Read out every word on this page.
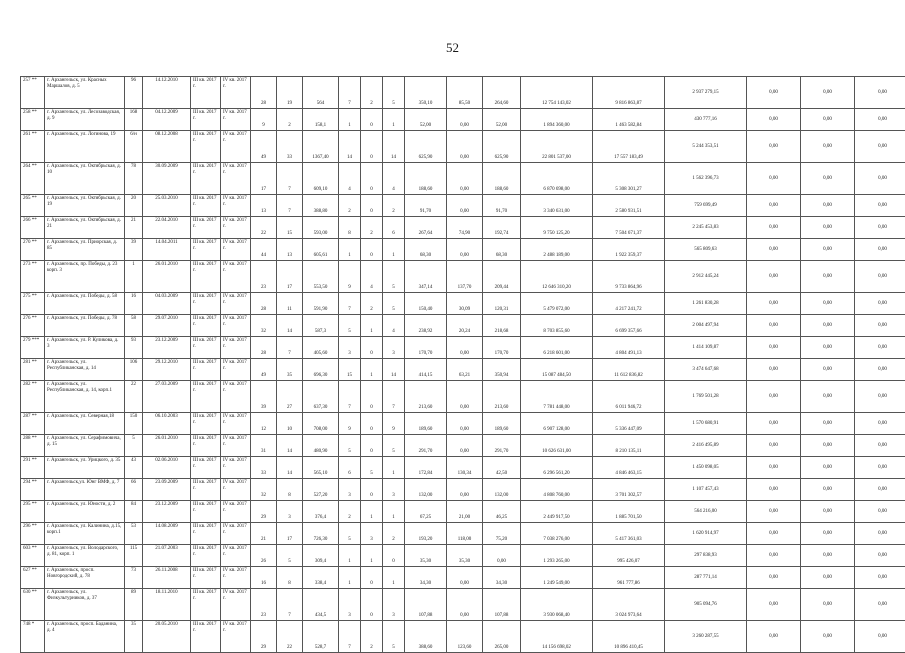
52
257 **	г. Архангельск, ул. Красных Маршалов, д. 5	96	14.12.2010	III кв. 2017 г.	IV кв. 2017 г.	28	19	564	7	2	5	350,10	85,50	264,60	12 754 143,02	9 816 863,87	2 937 279,15	0,00	0,00	0,00
258 **	г. Архангельск, ул. Лесозаводская, д. 9	168	04.12.2009	III кв. 2017 г.	IV кв. 2017 г.	9	2	158,1	1	0	1	52,00	0,00	52,00	1 894 360,00	1 463 582,84	430 777,16	0,00	0,00	0,00
261 **	г. Архангельск, ул. Логинова, 19	6/н	08.12.2008	III кв. 2017 г.	IV кв. 2017 г.	49	33	1367,40	14	0	14	625,90	0,00	625,90	22 801 537,00	17 557 183,49	5 244 353,51	0,00	0,00	0,00
264 **	г. Архангельск, ул. Октябрьская, д. 10	78	30.09.2009	III кв. 2017 г.	IV кв. 2017 г.	17	7	609,10	4	0	4	188,60	0,00	188,60	6 870 698,00	5 308 301,27	1 562 396,73	0,00	0,00	0,00
265 **	г. Архангельск, ул. Октябрьская, д. 19	20	25.03.2010	III кв. 2017 г.	IV кв. 2017 г.	13	7	388,80	2	0	2	91,70	0,00	91,70	3 340 631,00	2 580 931,51	759 699,49	0,00	0,00	0,00
266 **	г. Архангельск, ул. Октябрьская, д. 21	21	22.04.2010	III кв. 2017 г.	IV кв. 2017 г.	22	15	593,00	8	2	6	267,64	74,90	192,74	9 750 125,20	7 504 671,37	2 245 453,83	0,00	0,00	0,00
270 **	г. Архангельск, ул. Приорская, д. 85	39	14.04.2011	III кв. 2017 г.	IV кв. 2017 г.	44	13	605,61	1	0	1	68,30	0,00	68,30	2 488 189,00	1 922 359,37	565 809,63	0,00	0,00	0,00
273 **	г. Архангельск, пр. Победы, д. 23 корп. 3	1	26.01.2010	III кв. 2017 г.	IV кв. 2017 г.	23	17	553,50	9	4	5	347,14	137,70	209,44	12 646 310,20	9 733 864,96	2 912 445,24	0,00	0,00	0,00
275 **	г. Архангельск, ул. Победы, д. 58	16	04.03.2009	III кв. 2017 г.	IV кв. 2017 г.	28	11	591,90	7	2	5	150,40	30,09	120,31	5 479 072,00	4 217 241,72	1 261 830,28	0,00	0,00	0,00
276 **	г. Архангельск, ул. Победы, д. 78	58	29.07.2010	III кв. 2017 г.	IV кв. 2017 г.	32	14	587,3	5	1	4	238,92	20,24	218,68	8 703 855,60	6 699 357,66	2 004 497,94	0,00	0,00	0,00
279 ***	г. Архангельск, ул. Р. Куликова, д. 3	93	23.12.2009	III кв. 2017 г.	IV кв. 2017 г.	28	7	405,60	3	0	3	170,70	0,00	170,70	6 218 601,00	4 804 491,13	1 414 109,87	0,00	0,00	0,00
281 **	г. Архангельск, ул. Республиканская, д. 14	106	29.12.2010	III кв. 2017 г.	IV кв. 2017 г.	49	35	696,30	15	1	14	414,15	63,21	350,94	15 087 484,50	11 612 836,82	3 474 647,68	0,00	0,00	0,00
282 **	г. Архангельск, ул. Республиканская, д. 14, корп.1	22	27.03.2009	III кв. 2017 г.	IV кв. 2017 г.	39	27	637,30	7	0	7	213,60	0,00	213,60	7 781 448,00	6 011 946,72	1 769 501,28	0,00	0,00	0,00
287 **	г. Архангельск, ул. Северная,18	150	06.10.2003	III кв. 2017 г.	IV кв. 2017 г.	12	10	708,00	9	0	9	189,60	0,00	189,60	6 907 128,00	5 336 447,09	1 570 680,91	0,00	0,00	0,00
288 **	г. Архангельск, ул. Серафимовича, д. 15	5	26.01.2010	III кв. 2017 г.	IV кв. 2017 г.	31	14	480,90	5	0	5	291,70	0,00	291,70	10 626 631,00	8 210 135,11	2 416 495,89	0,00	0,00	0,00
291 **	г. Архангельск, ул. Урицкого, д. 35	43	02.06.2010	III кв. 2017 г.	IV кв. 2017 г.	33	14	565,10	6	5	1	172,84	130,34	42,50	6 296 561,20	4 846 463,15	1 450 098,05	0,00	0,00	0,00
294 **	г. Архангельск,ул. Юнг ВМФ, д. 7	66	23.09.2009	III кв. 2017 г.	IV кв. 2017 г.	32	8	527,20	3	0	3	132,00	0,00	132,00	4 808 760,00	3 701 302,57	1 107 457,43	0,00	0,00	0,00
295 **	г. Архангельск, ул. Юности, д. 2	84	23.12.2009	III кв. 2017 г.	IV кв. 2017 г.	29	3	376,4	2	1	1	67,25	21,00	46,25	2 449 917,50	1 885 701,50	564 216,00	0,00	0,00	0,00
296 **	г. Архангельск, ул. Калинина, д.15, корп.1	53	14.08.2009	III кв. 2017 г.	IV кв. 2017 г.	21	17	726,30	5	3	2	193,20	118,00	75,20	7 038 276,00	5 417 361,03	1 620 914,97	0,00	0,00	0,00
603 **	г. Архангельск, ул. Володарского, д. 81, корп. 1	115	21.07.2003	III кв. 2017 г.	IV кв. 2017 г.	26	5	309,4	1	1	0	35,30	35,30	0,00	1 293 265,00	995 426,07	297 838,93	0,00	0,00	0,00
627 **	г. Архангельск, просп. Новгородский, д. 78	73	26.11.2008	III кв. 2017 г.	IV кв. 2017 г.	16	8	338,4	1	0	1	34,30	0,00	34,30	1 249 549,00	961 777,86	287 771,14	0,00	0,00	0,00
630 **	г. Архангельск, ул. Физкультурников, д. 37	89	18.11.2010	III кв. 2017 г.	IV кв. 2017 г.	23	7	434,5	3	0	3	107,88	0,00	107,88	3 930 068,40	3 024 973,64	905 094,76	0,00	0,00	0,00
748 *	г. Архангельск, просп. Баданина, д. 4	35	20.05.2010	III кв. 2017 г.	IV кв. 2017 г.	29	22	528,7	7	2	5	388,60	123,60	265,00	14 156 698,02	10 896 410,45	3 260 287,55	0,00	0,00	0,00
